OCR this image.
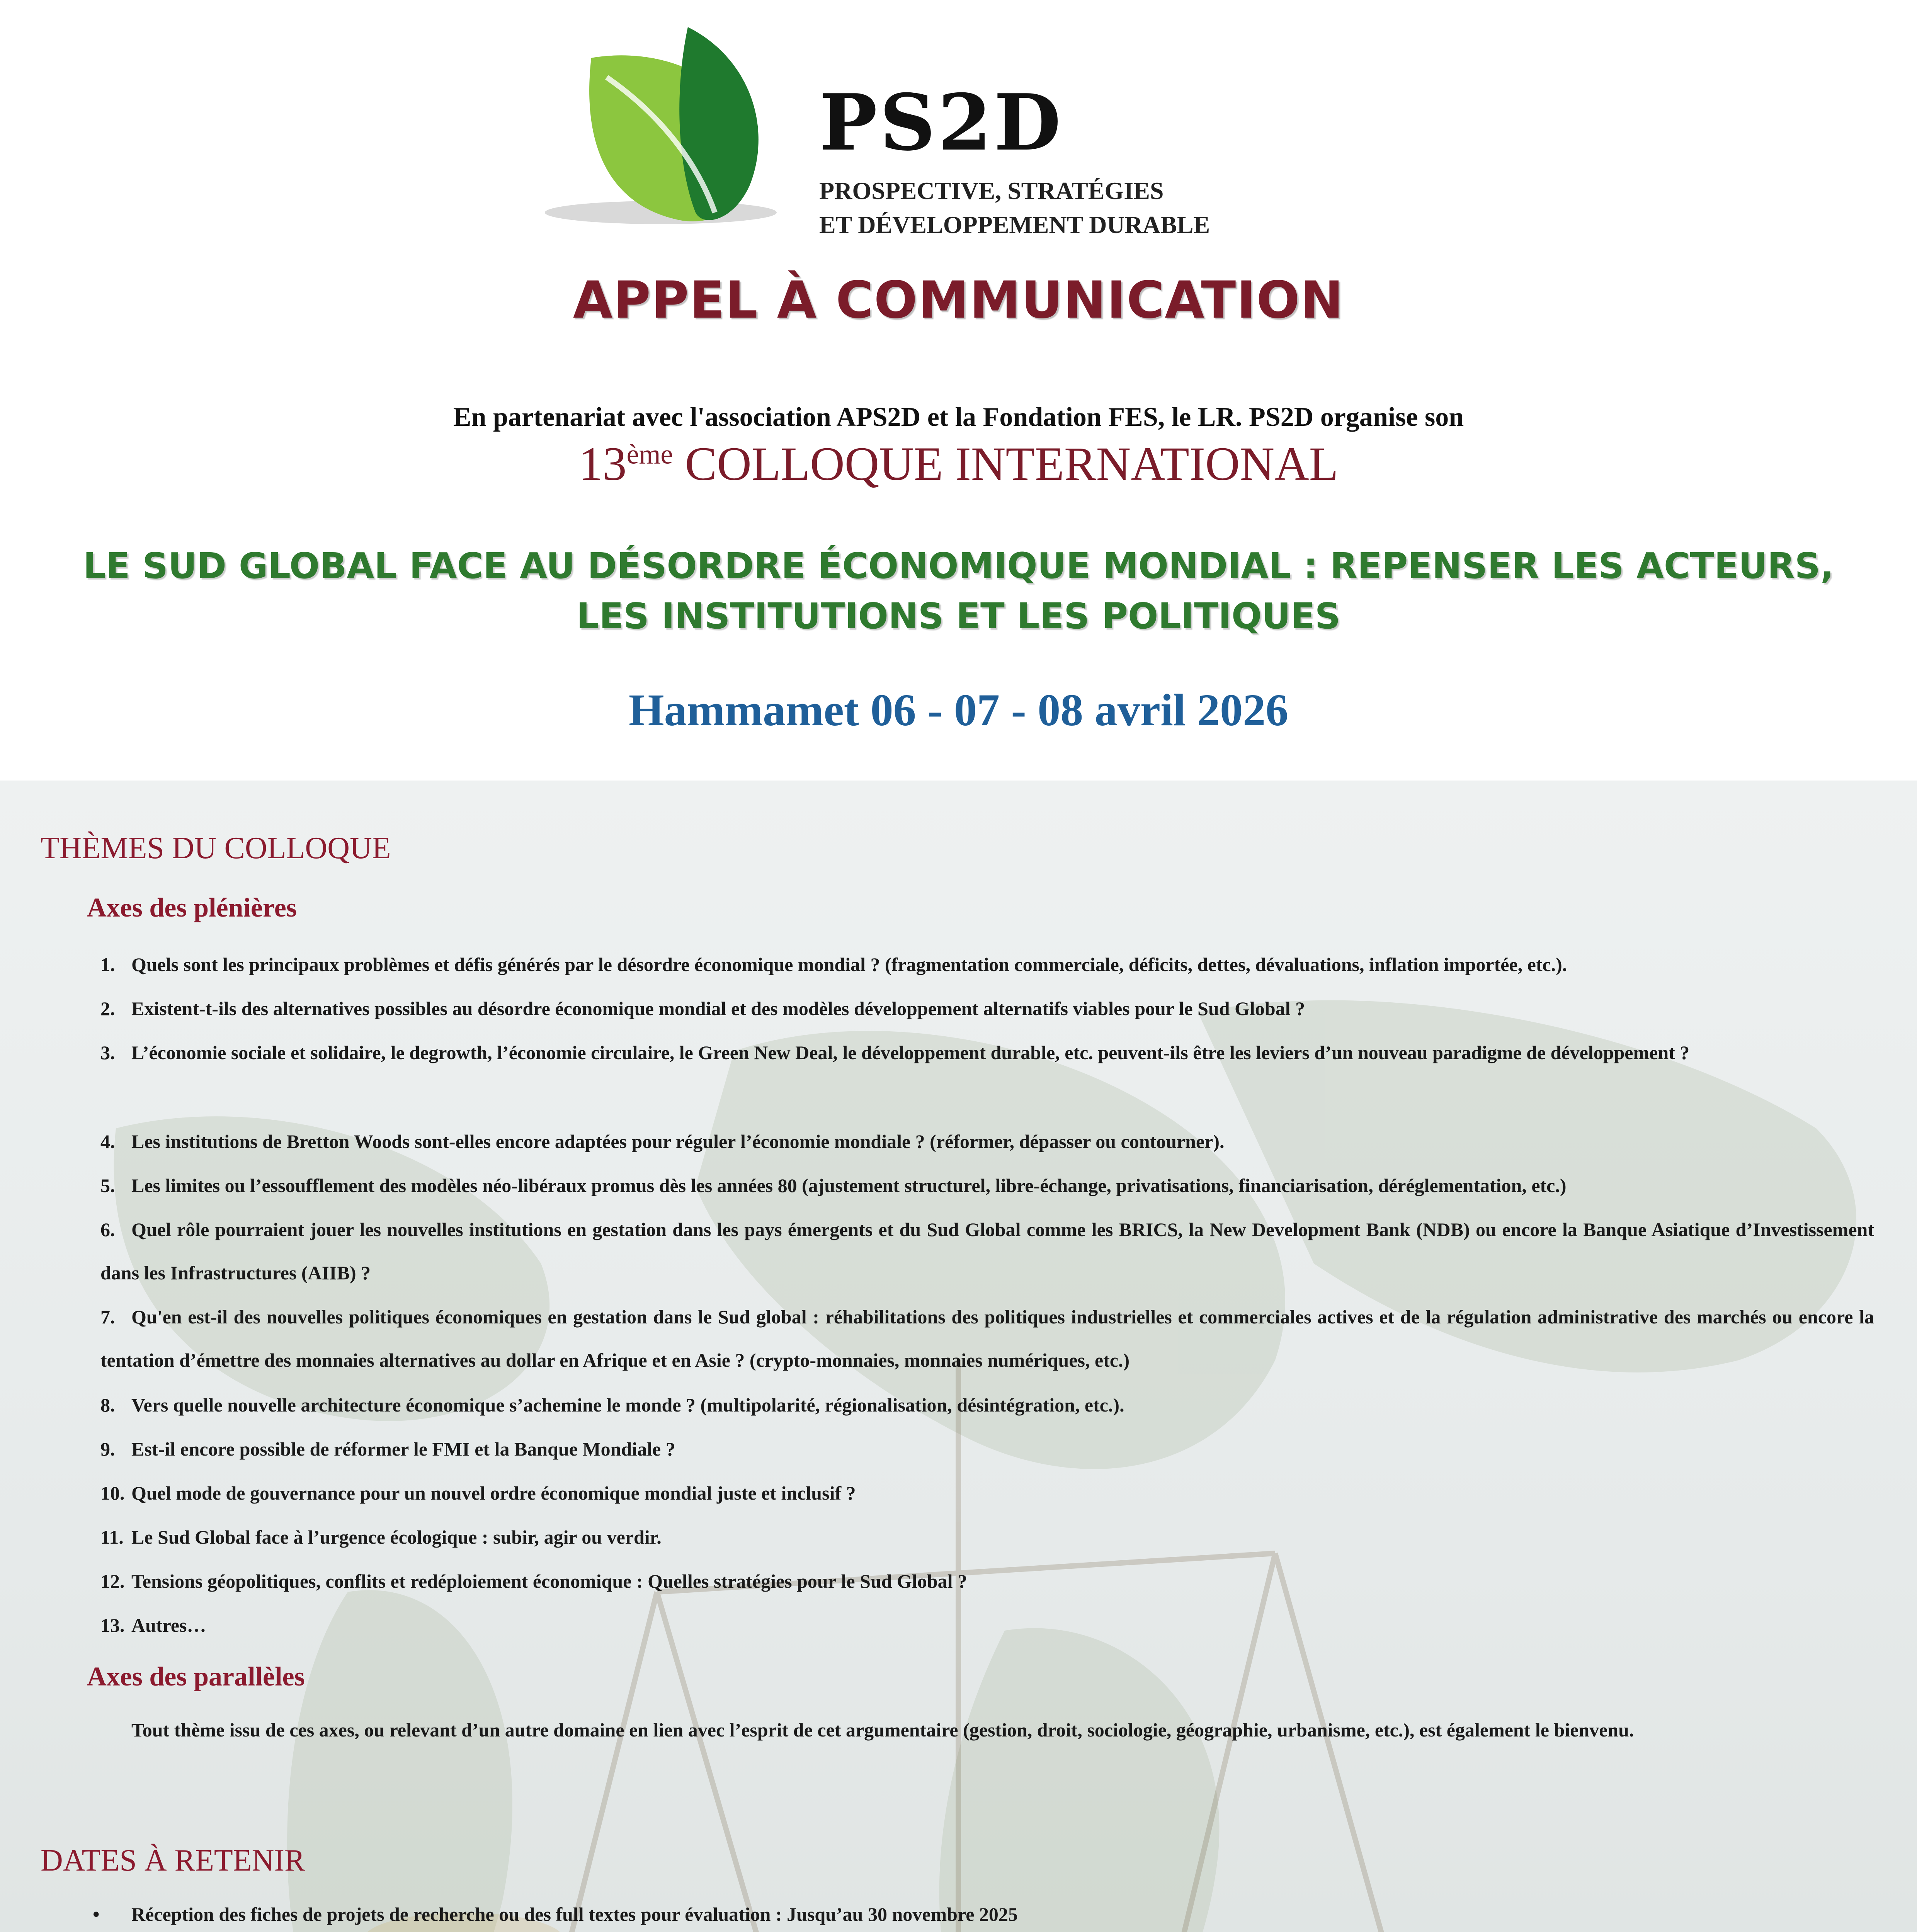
PS2D
PROSPECTIVE, STRATÉGIES
ET DÉVELOPPEMENT DURABLE
APPEL À COMMUNICATION
En partenariat avec l'association APS2D et la Fondation FES, le LR. PS2D organise son
13ème COLLOQUE INTERNATIONAL
LE SUD GLOBAL FACE AU DÉSORDRE ÉCONOMIQUE MONDIAL : REPENSER LES ACTEURS,
LES INSTITUTIONS ET LES POLITIQUES
Hammamet 06 - 07 - 08 avril 2026
THÈMES DU COLLOQUE
Axes des plénières
1. Quels sont les principaux problèmes et défis générés par le désordre économique mondial ? (fragmentation commerciale, déficits, dettes, dévaluations, inflation importée, etc.).
2. Existent-t-ils des alternatives possibles au désordre économique mondial et des modèles développement alternatifs viables pour le Sud Global ?
3. L’économie sociale et solidaire, le degrowth, l’économie circulaire, le Green New Deal, le développement durable, etc. peuvent-ils être les leviers d’un nouveau paradigme de développement ?
4. Les institutions de Bretton Woods sont-elles encore adaptées pour réguler l’économie mondiale ? (réformer, dépasser ou contourner).
5. Les limites ou l’essoufflement des modèles néo-libéraux promus dès les années 80 (ajustement structurel, libre-échange, privatisations, financiarisation, déréglementation, etc.)
6. Quel rôle pourraient jouer les nouvelles institutions en gestation dans les pays émergents et du Sud Global comme les BRICS, la New Development Bank (NDB) ou encore la Banque Asiatique d’Investissement dans les Infrastructures (AIIB) ?
7. Qu'en est-il des nouvelles politiques économiques en gestation dans le Sud global : réhabilitations des politiques industrielles et commerciales actives et de la régulation administrative des marchés ou encore la tentation d’émettre des monnaies alternatives au dollar en Afrique et en Asie ? (crypto-monnaies, monnaies numériques, etc.)
8. Vers quelle nouvelle architecture économique s’achemine le monde ? (multipolarité, régionalisation, désintégration, etc.).
9. Est-il encore possible de réformer le FMI et la Banque Mondiale ?
10. Quel mode de gouvernance pour un nouvel ordre économique mondial juste et inclusif ?
11. Le Sud Global face à l’urgence écologique : subir, agir ou verdir.
12. Tensions géopolitiques, conflits et redéploiement économique : Quelles stratégies pour le Sud Global ?
13. Autres…
Axes des parallèles
Tout thème issu de ces axes, ou relevant d’un autre domaine en lien avec l’esprit de cet argumentaire (gestion, droit, sociologie, géographie, urbanisme, etc.), est également le bienvenu.
DATES À RETENIR
• Réception des fiches de projets de recherche ou des full textes pour évaluation : Jusqu’au 30 novembre 2025
